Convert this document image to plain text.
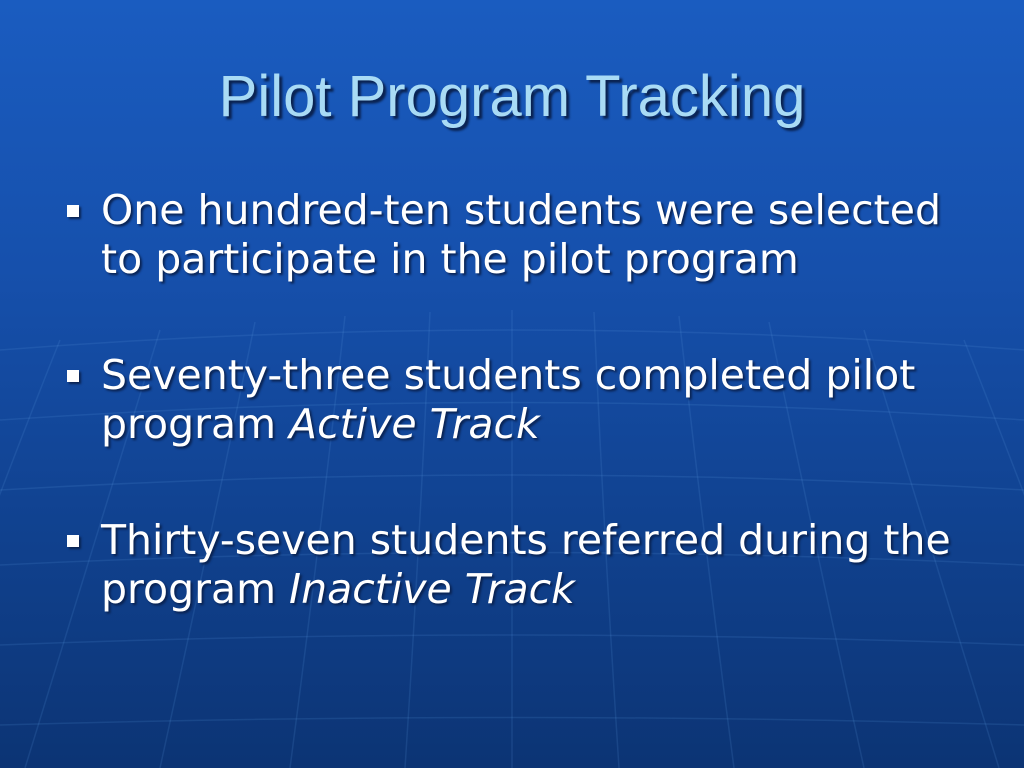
Pilot Program Tracking
One hundred-ten students were selected to participate in the pilot program
Seventy-three students completed pilot program Active Track
Thirty-seven students referred during the program Inactive Track
